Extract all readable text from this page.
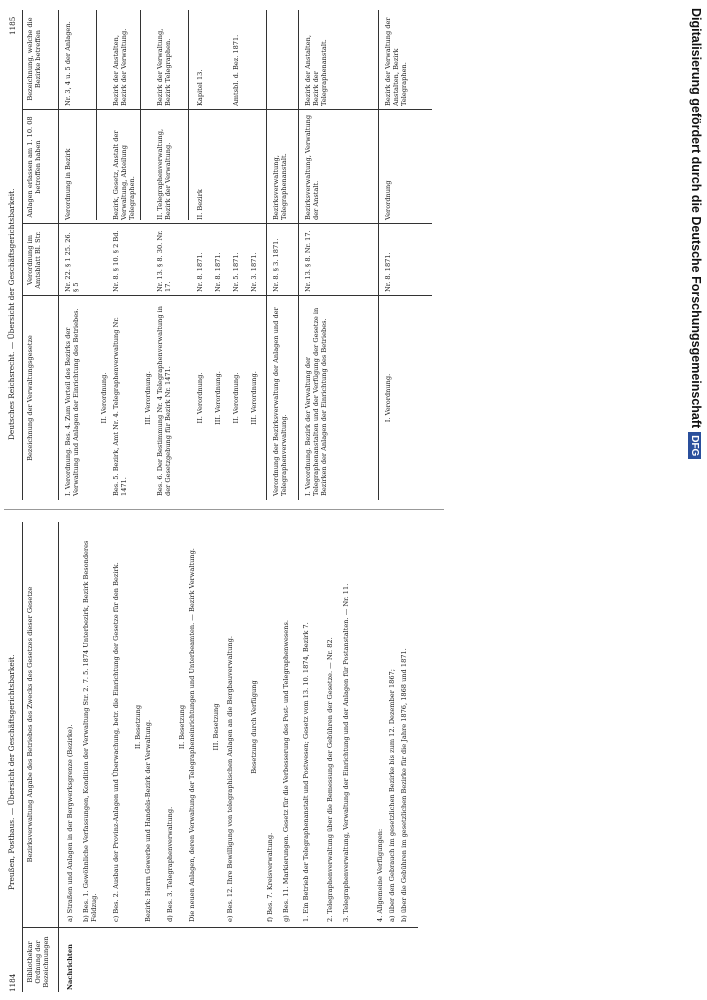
1184
Preußen, Posthaus. — Übersicht der Geschäftsgerichtsbarkeit.
Bibliothekar Ordnung der Bezeichnungen
Bezirksverwaltung Angabe des Betriebes des Zwecks des Gesetzes dieser Gesetze
Nachrichten
a) Straßen und Anlagen in der Bergwerksgrenze (Bezirke). b) Bes. 1. Gewöhnliche Verfassungen, Kondition der Verwaltung Str. 2. 7. 5. 1874 Unterbezirk, Bezirk Besonderes Feldzug. c) Bes. 2. Ausbau der Provinz-Anlagen und Überwachung, betr. die Einrichtung der Gesetze für den Bezirk. II. Besetzung Bezirk: Herrn Gewerbe und Handels-Bezirk der Verwaltung. d) Bes. 3. Telegraphenverwaltung.
II. Besetzung Die neuen Anlagen, deren Verwaltung der Telegrapheneinrichtungen und Unterbeamten. — Bezirk Verwaltung. III. Besetzung e) Bes. 12. Ihre Bewilligung von telegraphischen Anlagen an die Bergbauverwaltung. Besetzung durch Verfügung
f) Bes. 7. Kreisverwaltung. g) Bes. 11. Markierungen. Gesetz für die Verbesserung des Post- und Telegraphenwesens. 1. Ein Betrieb der Telegraphenanstalt und Postwesen; Gesetz vom 13. 10. 1874, Bezirk 7. 2. Telegraphenverwaltung über die Bemessung der Gebühren der Gesetze. — Nr. 82. 3. Telegraphenverwaltung, Verwaltung der Einrichtung und der Anlagen für Postanstalten. — Nr. 11.	4. Allgemeine Verfügungen: a) über den Gebrauch im gesetzlichen Bezirke bis zum 12. Dezember 1867; b) über die Gebühren im gesetzlichen Bezirke für die Jahre 1876, 1868 und 1871.
1185
Deutsches Reichsrecht. — Übersicht der Geschäftsgerichtsbarkeit. Bezeichnung der Verwaltungsgesetze
Verordnung im Amtsblatt Bl. Str.
Anlagen erlassen am 1. 10. 08 betroffen haben
Bezeichnung, welche die Bezirke betreffen
I. Verordnung. Bes. 4. Zum Vorteil des Bezirks der Verwaltung und Anlagen der Einrichtung des Betriebes.
Nr. 22. § 1 25. 26. § 5
Verordnung in Bezirk
Nr. 3, 4 u. 5 der Anlagen.
II. Verordnung. Bes. 5. Bezirk, Amt Nr. 4. Telegraphenverwaltung Nr. 1471.
Nr. 8. § 10. § 2 Bd.
Bezirk, Gesetz, Anstalt der Verwaltung, Abteilung Telegraphen.
Bezirk der Anstalten, Bezirk der Verwaltung.
III. Verordnung. Bes. 6. Der Bestimmung Nr. 4 Telegraphenverwaltung in der Gesetzgebung für Bezirk Nr. 1471.
Nr. 13. § 8. 30. Nr. 17.
II. Telegraphenverwaltung, Bezirk der Verwaltung.
Bezirk der Verwaltung, Bezirk Telegraphen.
II. Verordnung.
Nr. 8. 1871.
II. Bezirk
Kapitel 13.
III. Verordnung.
Nr. 8. 1871.
II. Verordnung.
Nr. 5. 1871.
Amtsbl. d. Bez. 1871.
III. Verordnung.
Nr. 3. 1871.
Verordnung der Bezirksverwaltung der Anlagen und der Telegraphenverwaltung.
Nr. 8. § 3. 1871.
Bezirksverwaltung, Telegraphenanstalt.
I. Verordnung. Bezirk der Verwaltung der Telegraphenanstalten und der Verfügung der Gesetze in Bezirken der Anlagen der Einrichtung des Betriebes.
Nr. 13. § 8. Nr. 17.
Bezirksverwaltung, Verwaltung der Anstalt.
Bezirk der Anstalten, Bezirk der Telegraphenanstalt.
I. Verordnung.
Nr. 8. 1871.
Verordnung
Bezirk der Verwaltung der Anstalten, Bezirk Telegraphen.	Digitalisierung gefördert durch die Deutsche ForschungsgemeinschaftDFG
